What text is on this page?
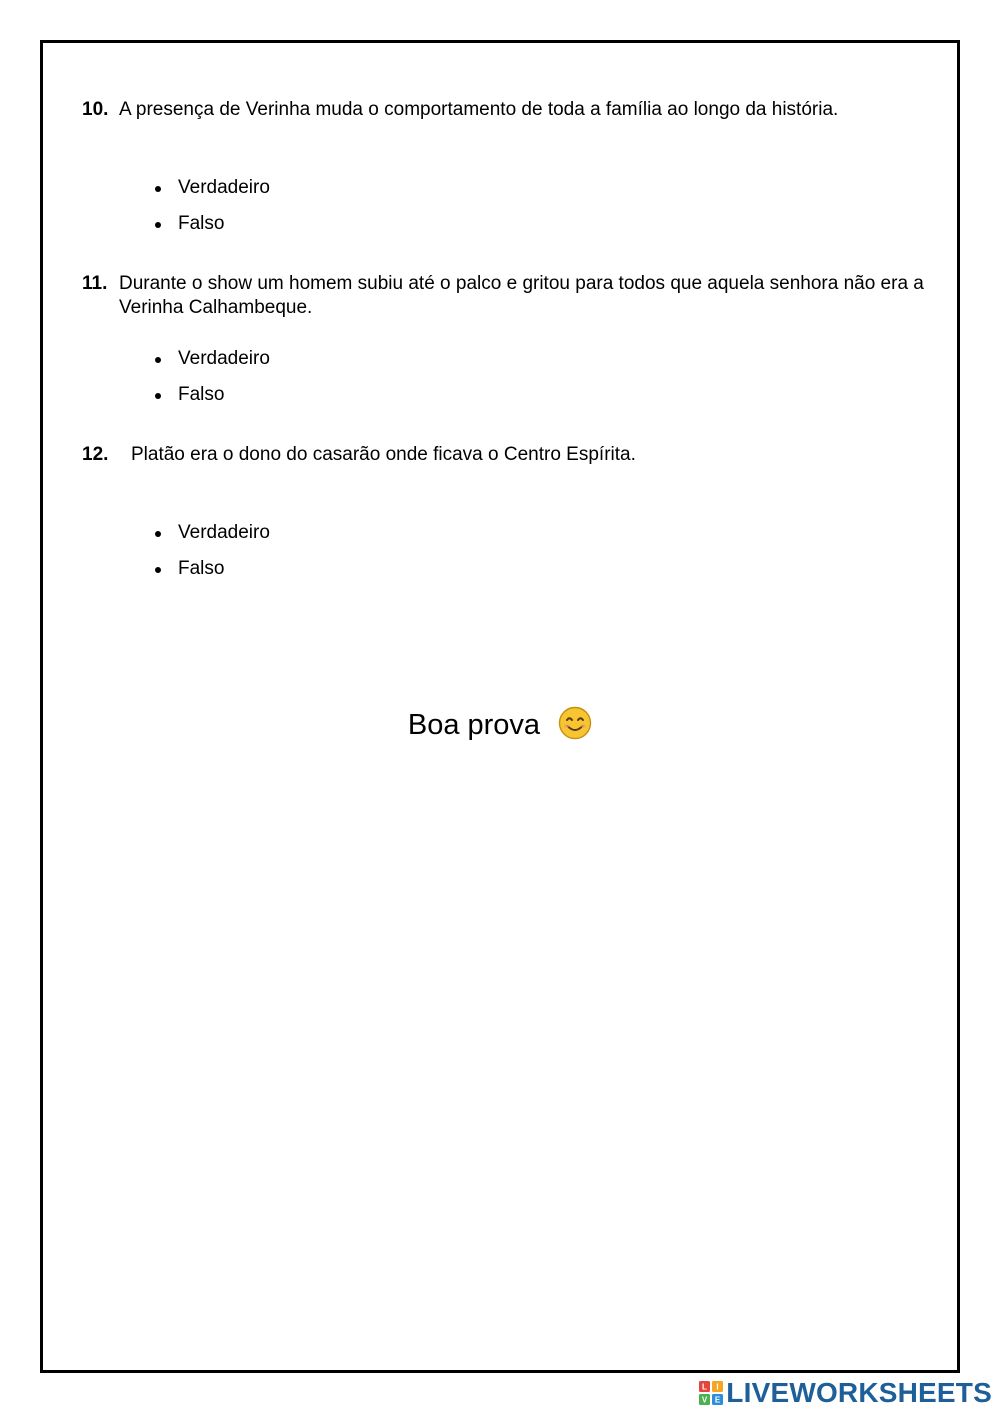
10. A presença de Verinha muda o comportamento de toda a família ao longo da história.
Verdadeiro
Falso
11. Durante o show um homem subiu até o palco e gritou para todos que aquela senhora não era a Verinha Calhambeque.
Verdadeiro
Falso
12.	Platão era o dono do casarão onde ficava o Centro Espírita.
Verdadeiro
Falso
Boa prova
L I
V E LIVEWORKSHEETS
